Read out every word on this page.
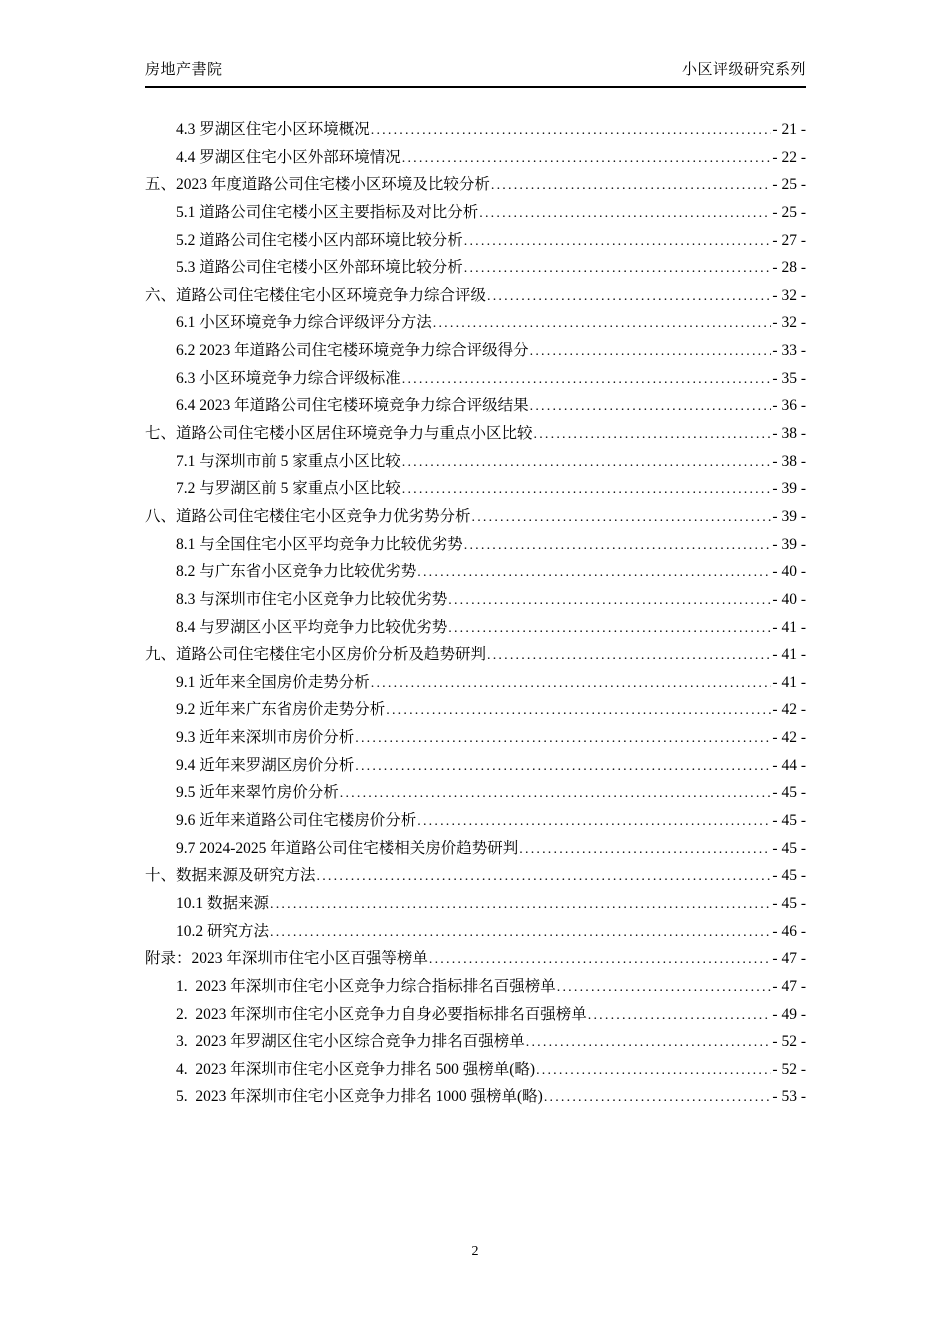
房地产書院	小区评级研究系列
4.3 罗湖区住宅小区环境概况 .....	- 21 -
4.4 罗湖区住宅小区外部环境情况 .....	- 22 -
五、2023 年度道路公司住宅楼小区环境及比较分析 .....	- 25 -
5.1 道路公司住宅楼小区主要指标及对比分析 .....	- 25 -
5.2 道路公司住宅楼小区内部环境比较分析 .....	- 27 -
5.3 道路公司住宅楼小区外部环境比较分析 .....	- 28 -
六、道路公司住宅楼住宅小区环境竞争力综合评级 .....	- 32 -
6.1 小区环境竞争力综合评级评分方法 .....	- 32 -
6.2 2023 年道路公司住宅楼环境竞争力综合评级得分 .....	- 33 -
6.3 小区环境竞争力综合评级标准 .....	- 35 -
6.4 2023 年道路公司住宅楼环境竞争力综合评级结果 .....	- 36 -
七、道路公司住宅楼小区居住环境竞争力与重点小区比较 .....	- 38 -
7.1 与深圳市前 5 家重点小区比较 .....	- 38 -
7.2 与罗湖区前 5 家重点小区比较 .....	- 39 -
八、道路公司住宅楼住宅小区竞争力优劣势分析 .....	- 39 -
8.1 与全国住宅小区平均竞争力比较优劣势 .....	- 39 -
8.2 与广东省小区竞争力比较优劣势 .....	- 40 -
8.3 与深圳市住宅小区竞争力比较优劣势 .....	- 40 -
8.4 与罗湖区小区平均竞争力比较优劣势 .....	- 41 -
九、道路公司住宅楼住宅小区房价分析及趋势研判 .....	- 41 -
9.1 近年来全国房价走势分析 .....	- 41 -
9.2 近年来广东省房价走势分析 .....	- 42 -
9.3 近年来深圳市房价分析 .....	- 42 -
9.4 近年来罗湖区房价分析 .....	- 44 -
9.5 近年来翠竹房价分析 .....	- 45 -
9.6 近年来道路公司住宅楼房价分析 .....	- 45 -
9.7 2024-2025 年道路公司住宅楼相关房价趋势研判 .....	- 45 -
十、数据来源及研究方法 .....	- 45 -
10.1 数据来源 .....	- 45 -
10.2 研究方法 .....	- 46 -
附录：2023 年深圳市住宅小区百强等榜单 .....	- 47 -
1.  2023 年深圳市住宅小区竞争力综合指标排名百强榜单 .....	- 47 -
2.  2023 年深圳市住宅小区竞争力自身必要指标排名百强榜单 .....	- 49 -
3.  2023 年罗湖区住宅小区综合竞争力排名百强榜单 .....	- 52 -
4.  2023 年深圳市住宅小区竞争力排名 500 强榜单(略) .....	- 52 -
5.  2023 年深圳市住宅小区竞争力排名 1000 强榜单(略) .....	- 53 -
2
